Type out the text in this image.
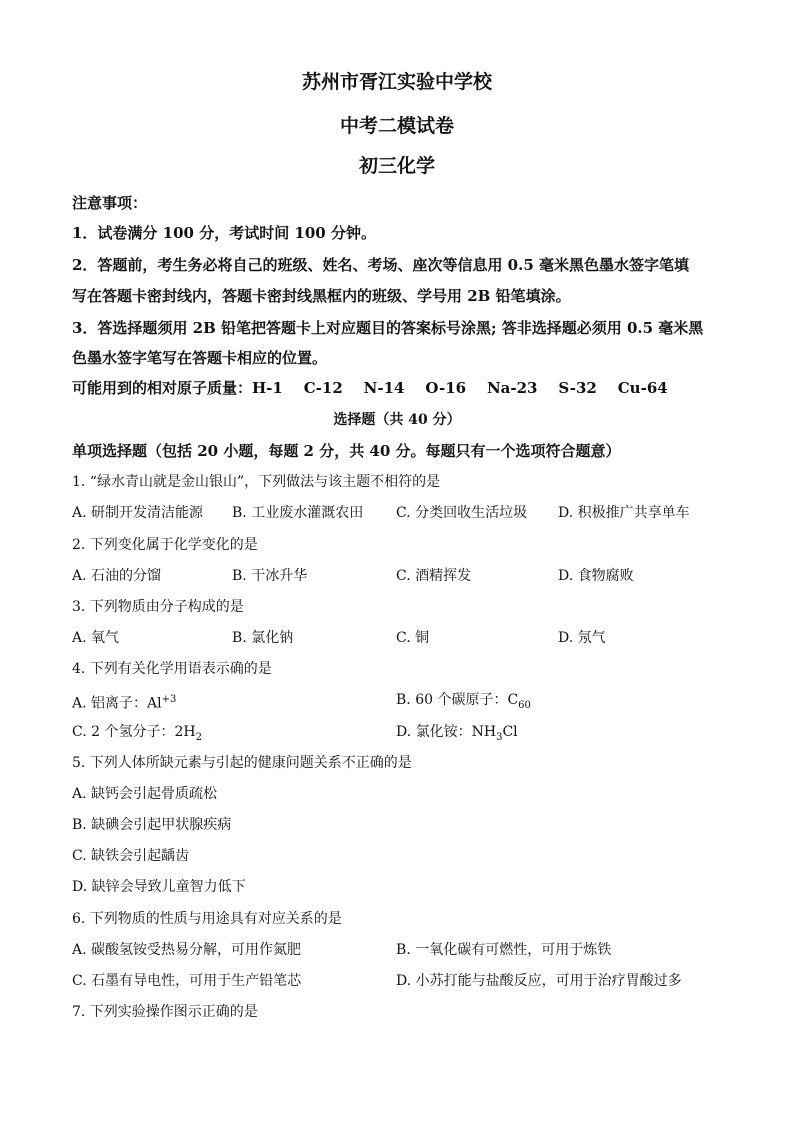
苏州市胥江实验中学校
中考二模试卷
初三化学
注意事项：
1．试卷满分 100 分，考试时间 100 分钟。
2．答题前，考生务必将自己的班级、姓名、考场、座次等信息用 0.5 毫米黑色墨水签字笔填
写在答题卡密封线内，答题卡密封线黑框内的班级、学号用 2B 铅笔填涂。
3．答选择题须用 2B 铅笔把答题卡上对应题目的答案标号涂黑; 答非选择题必须用 0.5 毫米黑
色墨水签字笔写在答题卡相应的位置。
可能用到的相对原子质量：H-1    C-12    N-14    O-16    Na-23    S-32    Cu-64
选择题（共 40 分）
单项选择题（包括 20 小题，每题 2 分，共 40 分。每题只有一个选项符合题意）
1. “绿水青山就是金山银山”，下列做法与该主题不相符的是
A. 研制开发清洁能源 B. 工业废水灌溉农田 C. 分类回收生活垃圾 D. 积极推广共享单车
2. 下列变化属于化学变化的是
A. 石油的分馏	B. 干冰升华	C. 酒精挥发	D. 食物腐败
3. 下列物质由分子构成的是
A. 氧气	B. 氯化钠	C. 铜	D. 氖气
4. 下列有关化学用语表示确的是
A. 铝离子：$Al^{+3}$	B. 60 个碳原子：$C_{60}$
C. 2 个氢分子：$2H_2$	D. 氯化铵：$NH_3Cl$
5. 下列人体所缺元素与引起的健康问题关系不正确的是
A. 缺钙会引起骨质疏松
B. 缺碘会引起甲状腺疾病
C. 缺铁会引起龋齿
D. 缺锌会导致儿童智力低下
6. 下列物质的性质与用途具有对应关系的是
A. 碳酸氢铵受热易分解，可用作氮肥	B. 一氧化碳有可燃性，可用于炼铁
C. 石墨有导电性，可用于生产铅笔芯	D. 小苏打能与盐酸反应，可用于治疗胃酸过多
7. 下列实验操作图示正确的是
